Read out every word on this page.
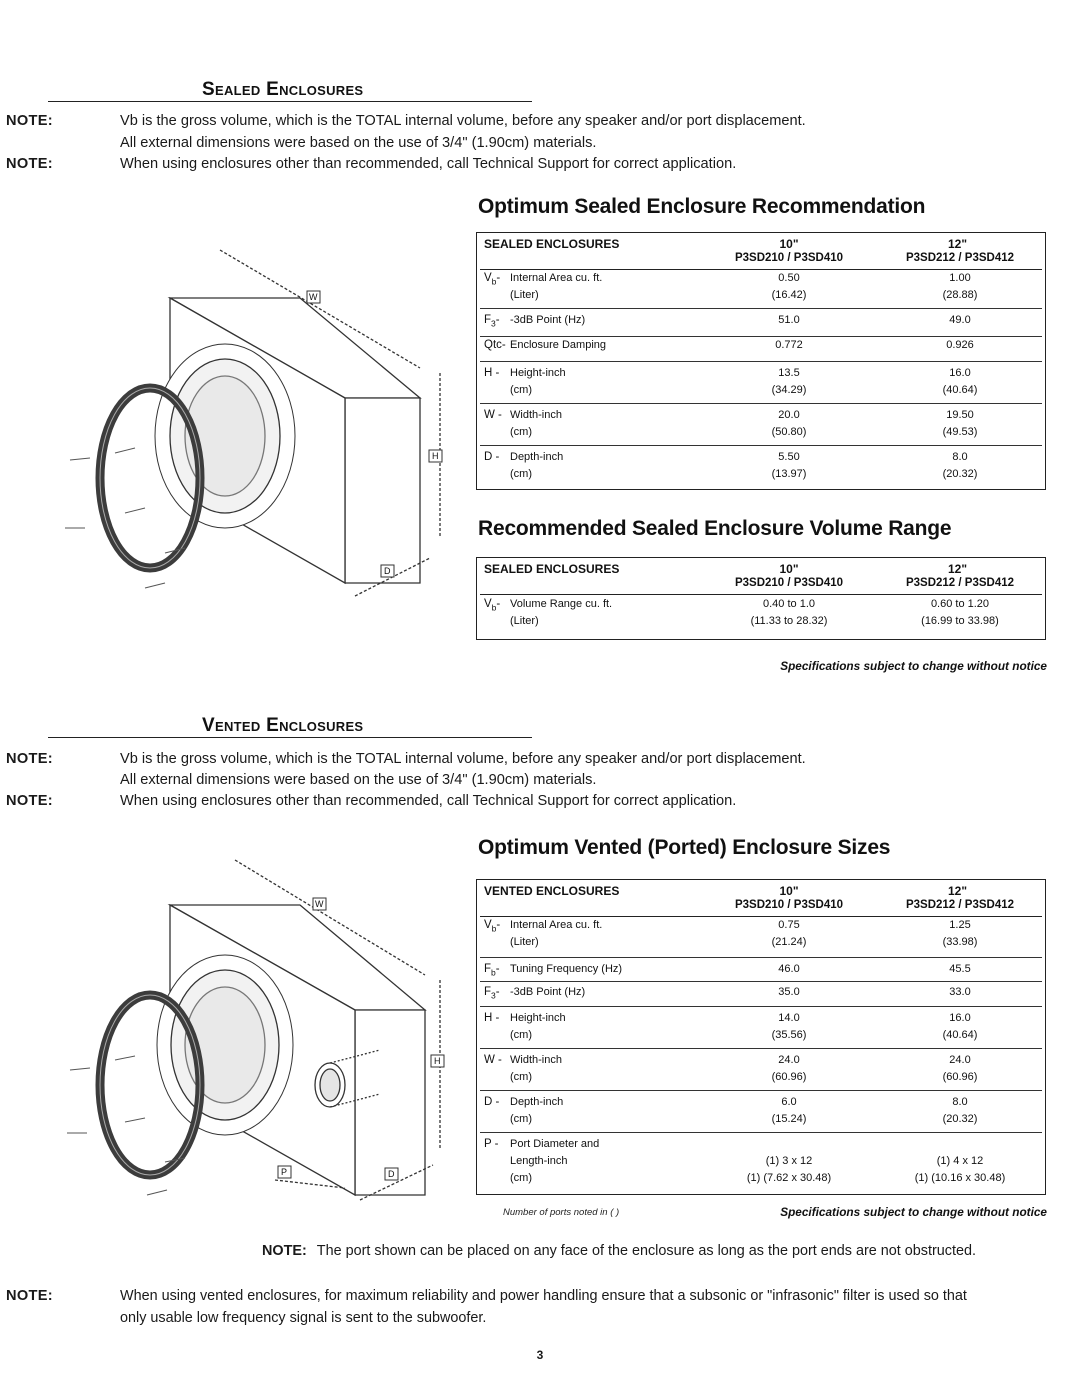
Sealed Enclosures
NOTE:	Vb is the gross volume, which is the TOTAL internal volume, before any speaker and/or port displacement.
All external dimensions were based on the use of 3/4" (1.90cm) materials.
NOTE:	When using enclosures other than recommended, call Technical Support for correct application.
Optimum Sealed Enclosure Recommendation
SEALED ENCLOSURES	10"	12"
P3SD210 / P3SD410	P3SD212 / P3SD412
$V_b-$ Internal Area cu. ft.	0.50	1.00
(Liter)	(16.42)	(28.88)
$F_3-$ -3dB Point (Hz)	51.0	49.0
Qtc- Enclosure Damping	0.772	0.926
H - Height-inch	13.5	16.0
(cm)	(34.29)	(40.64)
W - Width-inch	20.0	19.50
(cm)	(50.80)	(49.53)
D - Depth-inch	5.50	8.0
(cm)	(13.97)	(20.32)
Recommended Sealed Enclosure Volume Range
SEALED ENCLOSURES	10"	12"
P3SD210 / P3SD410	P3SD212 / P3SD412
$V_b-$ Volume Range cu. ft.	0.40 to 1.0	0.60 to 1.20
(Liter)	(11.33 to 28.32)	(16.99 to 33.98)
Specifications subject to change without notice
W
H
D
Vented Enclosures
NOTE:	Vb is the gross volume, which is the TOTAL internal volume, before any speaker and/or port displacement.
All external dimensions were based on the use of 3/4" (1.90cm) materials.
NOTE:	When using enclosures other than recommended, call Technical Support for correct application.
Optimum Vented (Ported) Enclosure Sizes
VENTED ENCLOSURES	10"	12"
P3SD210 / P3SD410	P3SD212 / P3SD412
$V_b-$ Internal Area cu. ft.	0.75	1.25
(Liter)	(21.24)	(33.98)
$F_b-$ Tuning Frequency (Hz)	46.0	45.5
$F_3-$ -3dB Point (Hz)	35.0	33.0
H - Height-inch	14.0	16.0
(cm)	(35.56)	(40.64)
W - Width-inch	24.0	24.0
(cm)	(60.96)	(60.96)
D - Depth-inch	6.0	8.0
(cm)	(15.24)	(20.32)
P - Port Diameter and
Length-inch	(1) 3 x 12	(1) 4 x 12
(cm)	(1) (7.62 x 30.48)	(1) (10.16 x 30.48)
Number of ports noted in ( )	Specifications subject to change without notice
W
H
D
P
NOTE: The port shown can be placed on any face of the enclosure as long as the port ends are not obstructed.
NOTE:	When using vented enclosures, for maximum reliability and power handling ensure that a subsonic or "infrasonic" filter is used so that
only usable low frequency signal is sent to the subwoofer.
3
